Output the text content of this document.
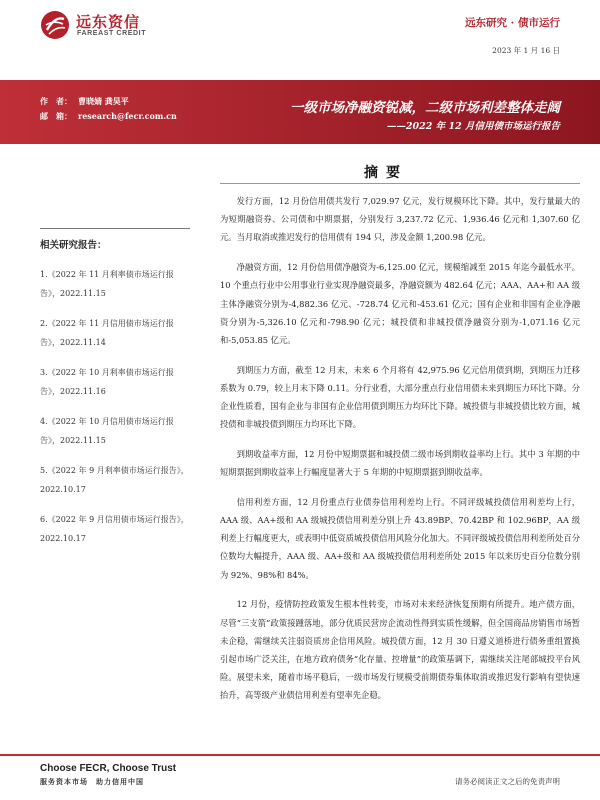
远东资信
FAREAST CREDIT
远东研究 · 债市运行
2023 年 1 月 16 日
作　者： 曹晓婧 龚昊平
邮　箱： research@fecr.com.cn	一级市场净融资锐减，二级市场利差整体走阔
——2022 年 12 月信用债市场运行报告
相关研究报告：
1.《2022 年 11 月利率债市场运行报告》，2022.11.15
2.《2022 年 11 月信用债市场运行报告》，2022.11.14
3.《2022 年 10 月利率债市场运行报告》，2022.11.16
4.《2022 年 10 月信用债市场运行报告》，2022.11.15
5.《2022 年 9 月利率债市场运行报告》，2022.10.17
6.《2022 年 9 月信用债市场运行报告》，2022.10.17
摘要

发行方面，12 月份信用债共发行 7,029.97 亿元，发行规模环比下降。其中，发行量最大的为短期融资券、公司债和中期票据，分别发行 3,237.72 亿元、1,936.46 亿元和 1,307.60 亿元。当月取消或推迟发行的信用债有 194 只，涉及金额 1,200.98 亿元。

净融资方面，12 月份信用债净融资为-6,125.00 亿元，规模缩减至 2015 年迄今最低水平。10 个重点行业中公用事业行业实现净融资最多，净融资额为 482.64 亿元；AAA、AA+和 AA 级主体净融资分别为-4,882.36 亿元、-728.74 亿元和-453.61 亿元；国有企业和非国有企业净融资分别为-5,326.10 亿元和-798.90 亿元；城投债和非城投债净融资分别为-1,071.16 亿元和-5,053.85 亿元。

到期压力方面，截至 12 月末，未来 6 个月将有 42,975.96 亿元信用债到期，到期压力迁移系数为 0.79，较上月末下降 0.11。分行业看，大部分重点行业信用债未来到期压力环比下降。分企业性质看，国有企业与非国有企业信用债到期压力均环比下降。城投债与非城投债比较方面，城投债和非城投债到期压力均环比下降。

到期收益率方面，12 月份中短期票据和城投债二级市场到期收益率均上行。其中 3 年期的中短期票据到期收益率上行幅度显著大于 5 年期的中短期票据到期收益率。

信用利差方面，12 月份重点行业债券信用利差均上行。不同评级城投债信用利差均上行，AAA 级、AA+级和 AA 级城投债信用利差分别上升 43.89BP、70.42BP 和 102.96BP，AA 级利差上行幅度更大，或表明中低资质城投债信用风险分化加大。不同评级城投债信用利差所处百分位数均大幅提升，AAA 级、AA+级和 AA 级城投债信用利差所处 2015 年以来历史百分位数分别为 92%、98%和 84%。

12 月份，疫情防控政策发生根本性转变，市场对未来经济恢复预期有所提升。地产债方面，尽管“三支箭”政策接踵落地，部分优质民营房企流动性得到实质性缓解，但全国商品房销售市场暂未企稳，需继续关注弱资质房企信用风险。城投债方面，12 月 30 日遵义道桥进行债务重组置换引起市场广泛关注，在地方政府债务“化存量、控增量”的政策基调下，需继续关注尾部城投平台风险。展望未来，随着市场平稳后，一级市场发行规模受前期债券集体取消或推迟发行影响有望快速抬升，高等级产业债信用利差有望率先企稳。

Choose FECR, Choose Trust
服务资本市场　助力信用中国	请务必阅读正文之后的免责声明
